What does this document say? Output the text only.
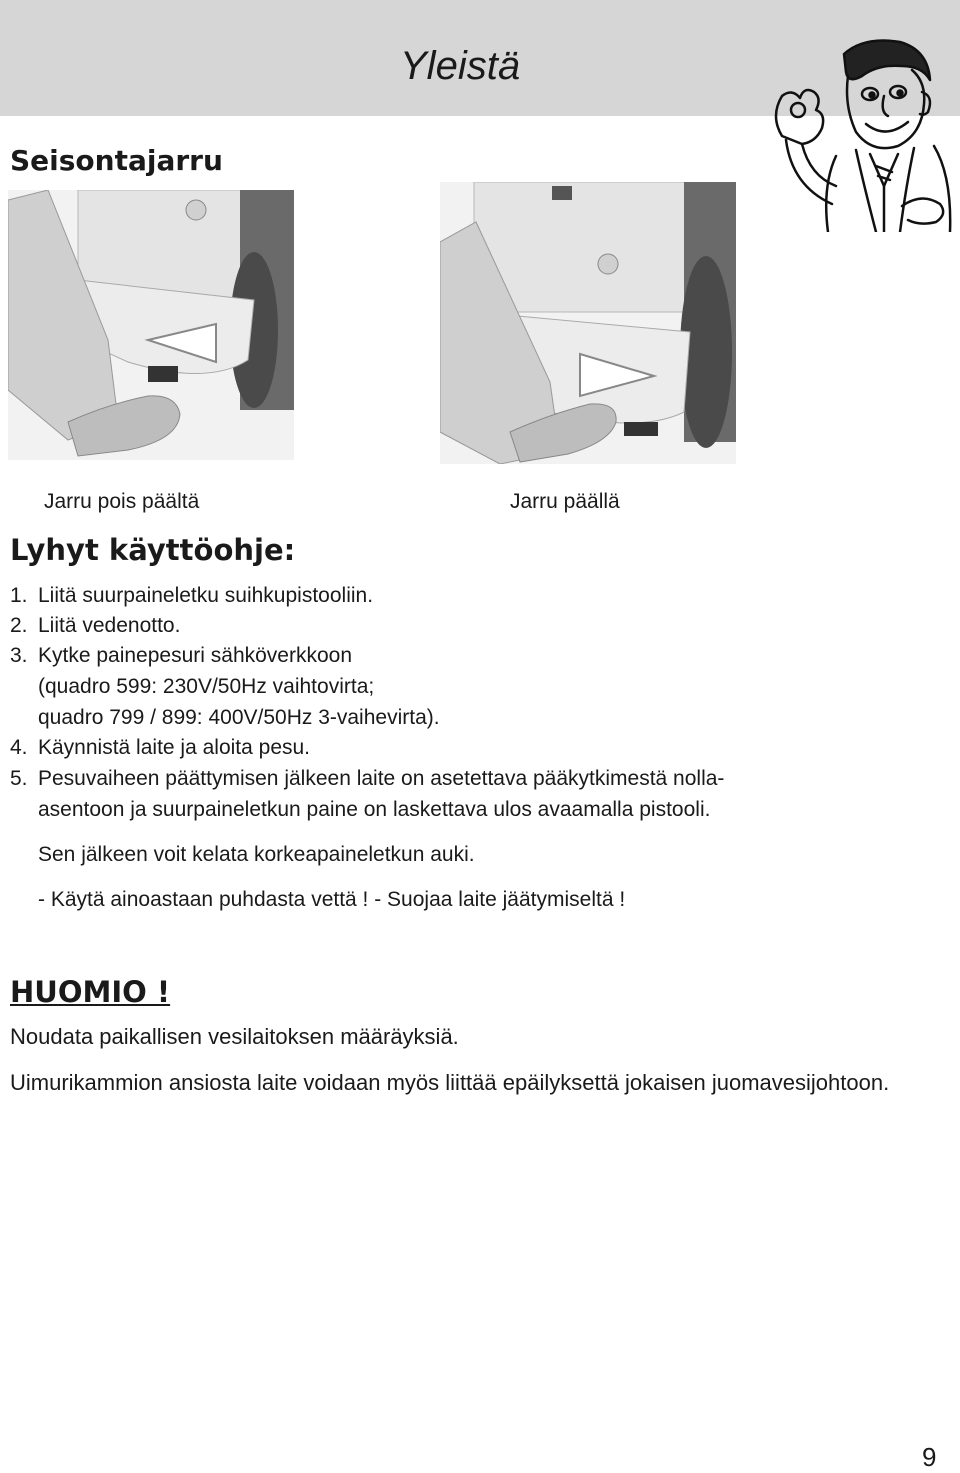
Yleistä
Seisontajarru
Jarru pois päältä	Jarru päällä
Lyhyt käyttöohje:
1. Liitä suurpaineletku suihkupistooliin.
2. Liitä vedenotto.
3. Kytke painepesuri sähköverkkoon
(quadro 599: 230V/50Hz vaihtovirta;
quadro 799 / 899: 400V/50Hz 3-vaihevirta).
4. Käynnistä laite ja aloita pesu.
5. Pesuvaiheen päättymisen jälkeen laite on asetettava pääkytkimestä nolla-
asentoon ja suurpaineletkun paine on laskettava ulos avaamalla pistooli.
Sen jälkeen voit kelata korkeapaineletkun auki.
- Käytä ainoastaan puhdasta vettä ! - Suojaa laite jäätymiseltä !
HUOMIO !
Noudata paikallisen vesilaitoksen määräyksiä.
Uimurikammion ansiosta laite voidaan myös liittää epäilyksettä jokaisen juomavesijohtoon.
9
